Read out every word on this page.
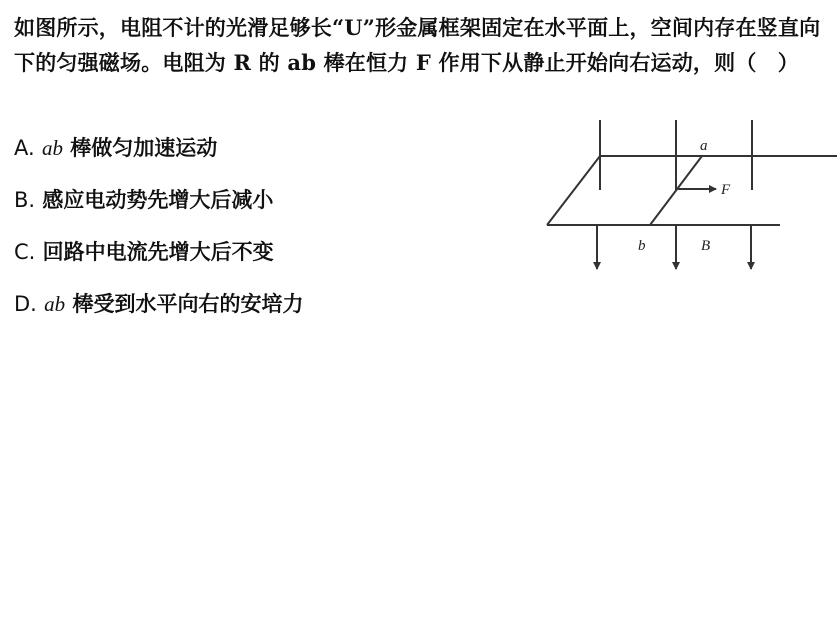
如图所示，电阻不计的光滑足够长“U”形金属框架固定在水平面上，空间内存在竖直向下的匀强磁场。电阻为 R 的 ab 棒在恒力 F 作用下从静止开始向右运动，则（　）
A. ab 棒做匀加速运动
B. 感应电动势先增大后减小
C. 回路中电流先增大后不变
D. ab 棒受到水平向右的安培力
a
b
F
B
